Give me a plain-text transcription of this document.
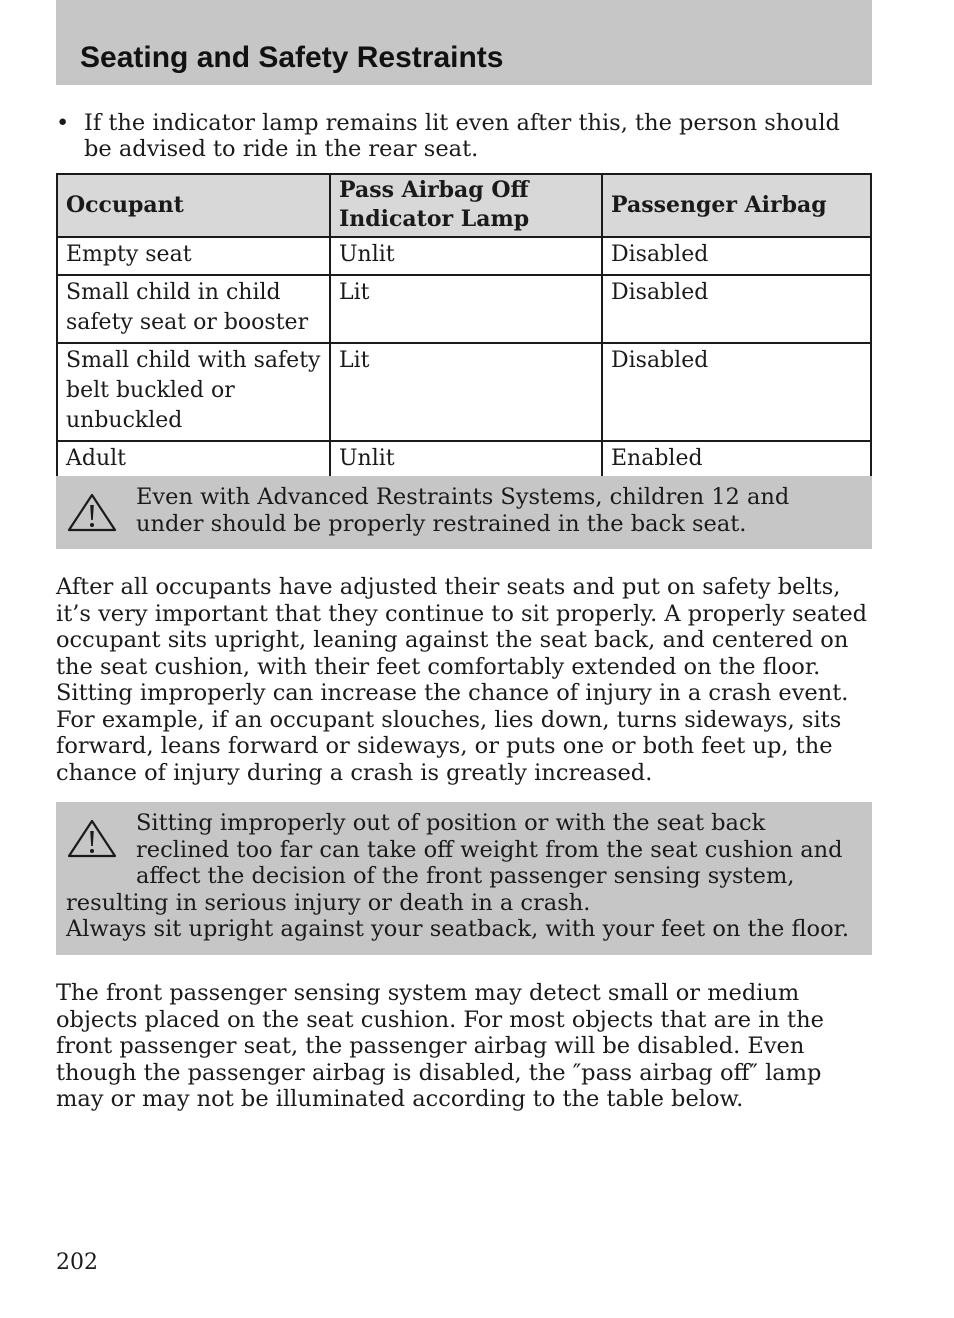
Seating and Safety Restraints
• If the indicator lamp remains lit even after this, the person should be advised to ride in the rear seat.
Occupant	Pass Airbag Off Indicator Lamp	Passenger Airbag
Empty seat	Unlit	Disabled
Small child in child safety seat or booster	Lit	Disabled
Small child with safety belt buckled or unbuckled	Lit	Disabled
Adult	Unlit	Enabled
Even with Advanced Restraints Systems, children 12 and under should be properly restrained in the back seat.

After all occupants have adjusted their seats and put on safety belts, it’s very important that they continue to sit properly. A properly seated occupant sits upright, leaning against the seat back, and centered on the seat cushion, with their feet comfortably extended on the floor. Sitting improperly can increase the chance of injury in a crash event. For example, if an occupant slouches, lies down, turns sideways, sits forward, leans forward or sideways, or puts one or both feet up, the chance of injury during a crash is greatly increased.

Sitting improperly out of position or with the seat back reclined too far can take off weight from the seat cushion and affect the decision of the front passenger sensing system, resulting in serious injury or death in a crash.
Always sit upright against your seatback, with your feet on the floor.

The front passenger sensing system may detect small or medium objects placed on the seat cushion. For most objects that are in the front passenger seat, the passenger airbag will be disabled. Even though the passenger airbag is disabled, the ″pass airbag off″ lamp may or may not be illuminated according to the table below.

202
